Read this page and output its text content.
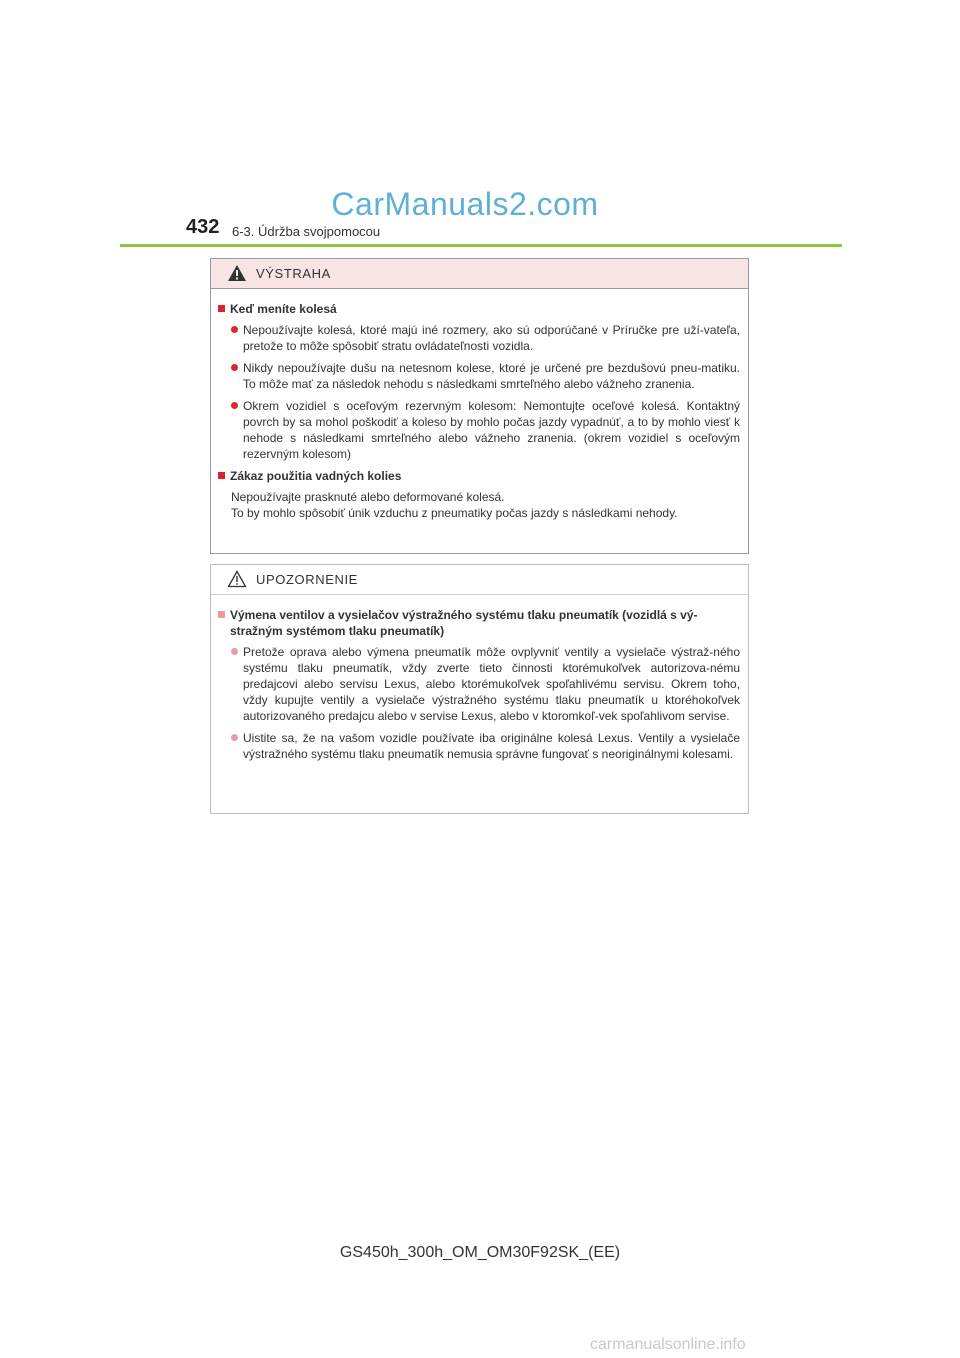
CarManuals2.com
432 6-3. Údržba svojpomocou
VÝSTRAHA
Keď meníte kolesá
Nepoužívajte kolesá, ktoré majú iné rozmery, ako sú odporúčané v Príručke pre uží-vateľa, pretože to môže spôsobiť stratu ovládateľnosti vozidla.
Nikdy nepoužívajte dušu na netesnom kolese, ktoré je určené pre bezdušovú pneu-matiku. To môže mať za následok nehodu s následkami smrteľného alebo vážneho zranenia.
Okrem vozidiel s oceľovým rezervným kolesom: Nemontujte oceľové kolesá. Kontaktný povrch by sa mohol poškodiť a koleso by mohlo počas jazdy vypadnúť, a to by mohlo viesť k nehode s následkami smrteľného alebo vážneho zranenia. (okrem vozidiel s oceľovým rezervným kolesom)
Zákaz použitia vadných kolies
Nepoužívajte prasknuté alebo deformované kolesá.
To by mohlo spôsobiť únik vzduchu z pneumatiky počas jazdy s následkami nehody.
UPOZORNENIE
Výmena ventilov a vysielačov výstražného systému tlaku pneumatík (vozidlá s vý-stražným systémom tlaku pneumatík)
Pretože oprava alebo výmena pneumatík môže ovplyvniť ventily a vysielače výstraž-ného systému tlaku pneumatík, vždy zverte tieto činnosti ktorémukoľvek autorizova-nému predajcovi alebo servisu Lexus, alebo ktorémukoľvek spoľahlivému servisu. Okrem toho, vždy kupujte ventily a vysielače výstražného systému tlaku pneumatík u ktoréhokoľvek autorizovaného predajcu alebo v servise Lexus, alebo v ktoromkoľ-vek spoľahlivom servise.
Uistite sa, že na vašom vozidle používate iba originálne kolesá Lexus. Ventily a vysielače výstražného systému tlaku pneumatík nemusia správne fungovať s neoriginálnymi kolesami.
GS450h_300h_OM_OM30F92SK_(EE)
carmanualsonline.info
